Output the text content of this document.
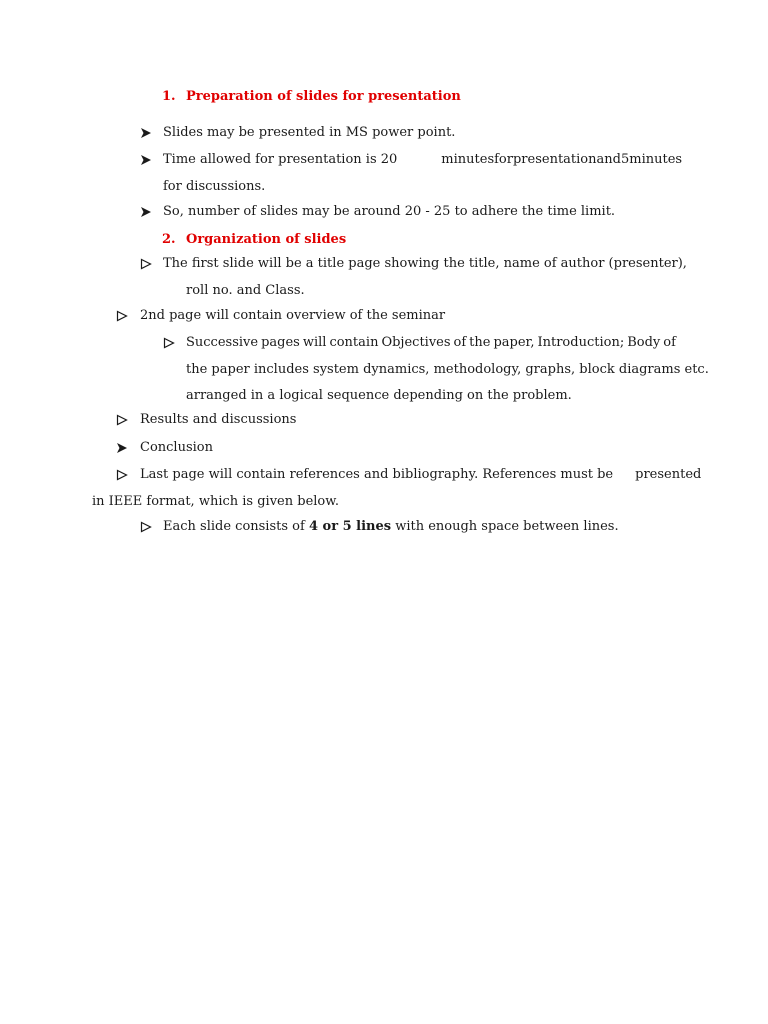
1. Preparation of slides for presentation
Slides may be presented in MS power point.
Time allowed for presentation is 20	minutes for presentation and 5 minutes
for discussions.
So, number of slides may be around 20 - 25 to adhere the time limit.
2. Organization of slides
The first slide will be a title page showing the title, name of author (presenter),
roll no. and Class.
2nd page will contain overview of the seminar
Successive pages will contain Objectives of the paper, Introduction; Body of
the paper includes system dynamics, methodology, graphs, block diagrams etc.
arranged in a logical sequence depending on the problem.
Results and discussions
Conclusion
Last page will contain references and bibliography. References must be presented
in IEEE format, which is given below.
Each slide consists of 4 or 5 lines with enough space between lines.
